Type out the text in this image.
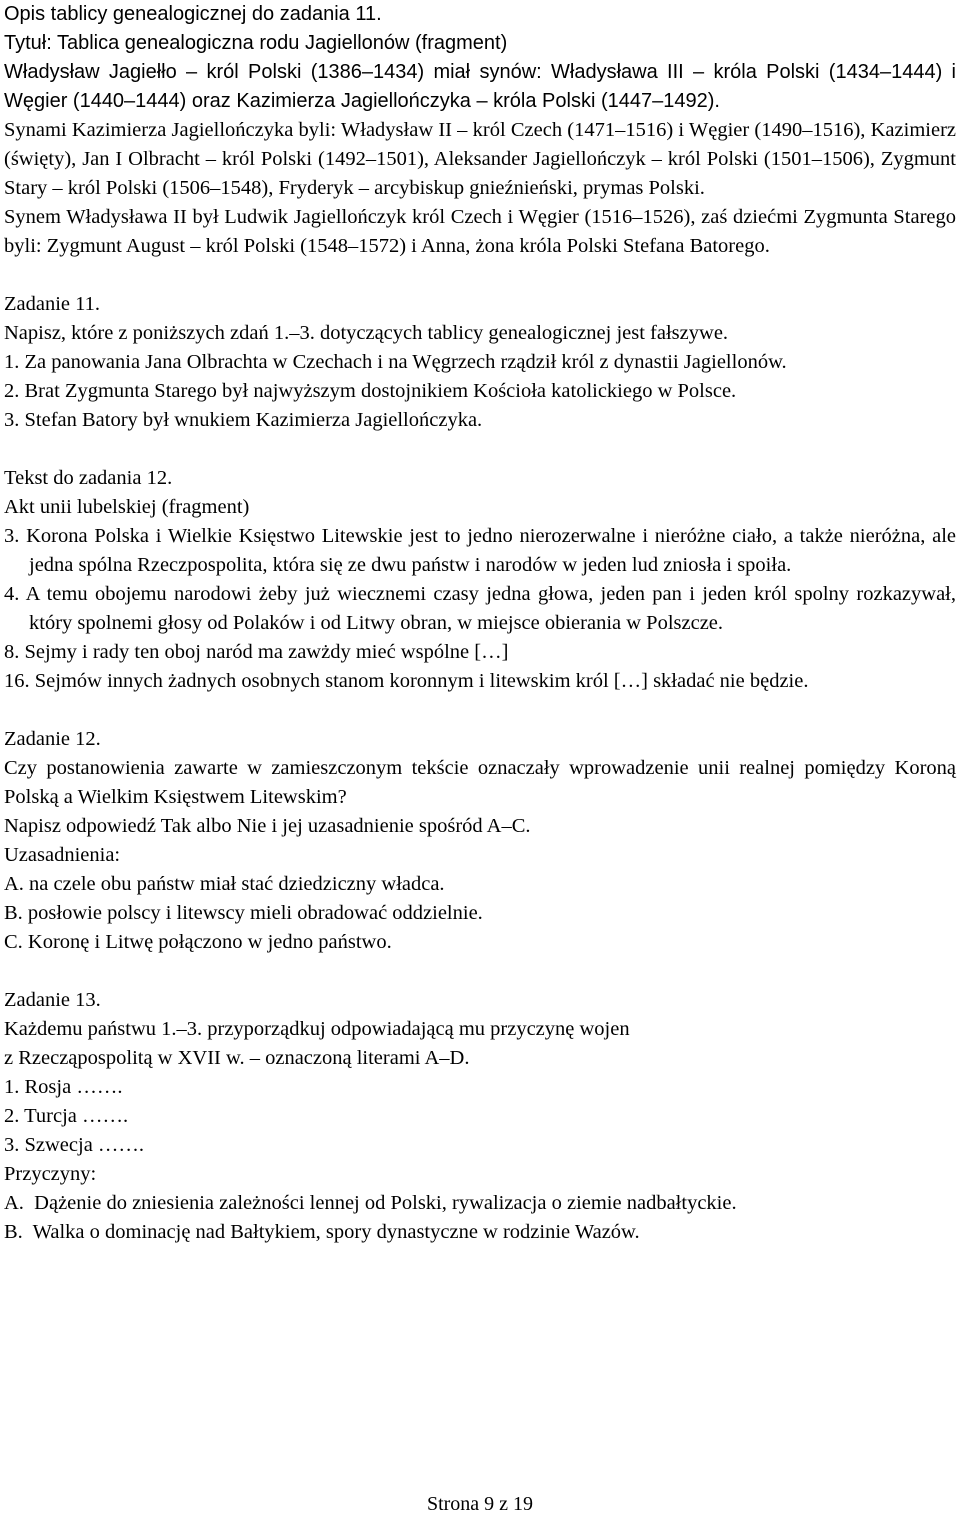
Opis tablicy genealogicznej do zadania 11.

Tytuł: Tablica genealogiczna rodu Jagiellonów (fragment)

Władysław Jagiełło – król Polski (1386–1434) miał synów: Władysława III – króla Polski (1434–1444) i Węgier (1440–1444) oraz Kazimierza Jagiellończyka – króla Polski (1447–1492).

Synami Kazimierza Jagiellończyka byli: Władysław II – król Czech (1471–1516) i Węgier (1490–1516), Kazimierz (święty), Jan I Olbracht – król Polski (1492–1501), Aleksander Jagiellończyk – król Polski (1501–1506), Zygmunt Stary – król Polski (1506–1548), Fryderyk – arcybiskup gnieźnieński, prymas Polski.

Synem Władysława II był Ludwik Jagiellończyk król Czech i Węgier (1516–1526), zaś dziećmi Zygmunta Starego byli: Zygmunt August – król Polski (1548–1572) i Anna, żona króla Polski Stefana Batorego.

Zadanie 11.

Napisz, które z poniższych zdań 1.–3. dotyczących tablicy genealogicznej jest fałszywe.

1. Za panowania Jana Olbrachta w Czechach i na Węgrzech rządził król z dynastii Jagiellonów.

2. Brat Zygmunta Starego był najwyższym dostojnikiem Kościoła katolickiego w Polsce.

3. Stefan Batory był wnukiem Kazimierza Jagiellończyka.

Tekst do zadania 12.

Akt unii lubelskiej (fragment)

3. Korona Polska i Wielkie Księstwo Litewskie jest to jedno nierozerwalne i nieróżne ciało, a także nieróżna, ale jedna spólna Rzeczpospolita, która się ze dwu państw i narodów w jeden lud zniosła i spoiła.

4. A temu obojemu narodowi żeby już wiecznemi czasy jedna głowa, jeden pan i jeden król spolny rozkazywał, który spolnemi głosy od Polaków i od Litwy obran, w miejsce obierania w Polszcze.

8. Sejmy i rady ten oboj naród ma zawżdy mieć wspólne […]

16. Sejmów innych żadnych osobnych stanom koronnym i litewskim król […] składać nie będzie.

Zadanie 12.

Czy postanowienia zawarte w zamieszczonym tekście oznaczały wprowadzenie unii realnej pomiędzy Koroną Polską a Wielkim Księstwem Litewskim?

Napisz odpowiedź Tak albo Nie i jej uzasadnienie spośród A–C.

Uzasadnienia:

A. na czele obu państw miał stać dziedziczny władca.

B. posłowie polscy i litewscy mieli obradować oddzielnie.

C. Koronę i Litwę połączono w jedno państwo.

Zadanie 13.

Każdemu państwu 1.–3. przyporządkuj odpowiadającą mu przyczynę wojen

z Rzecząpospolitą w XVII w. – oznaczoną literami A–D.

1. Rosja …….

2. Turcja …….

3. Szwecja …….

Przyczyny:

A.  Dążenie do zniesienia zależności lennej od Polski, rywalizacja o ziemie nadbałtyckie.

B.  Walka o dominację nad Bałtykiem, spory dynastyczne w rodzinie Wazów.

Strona 9 z 19
